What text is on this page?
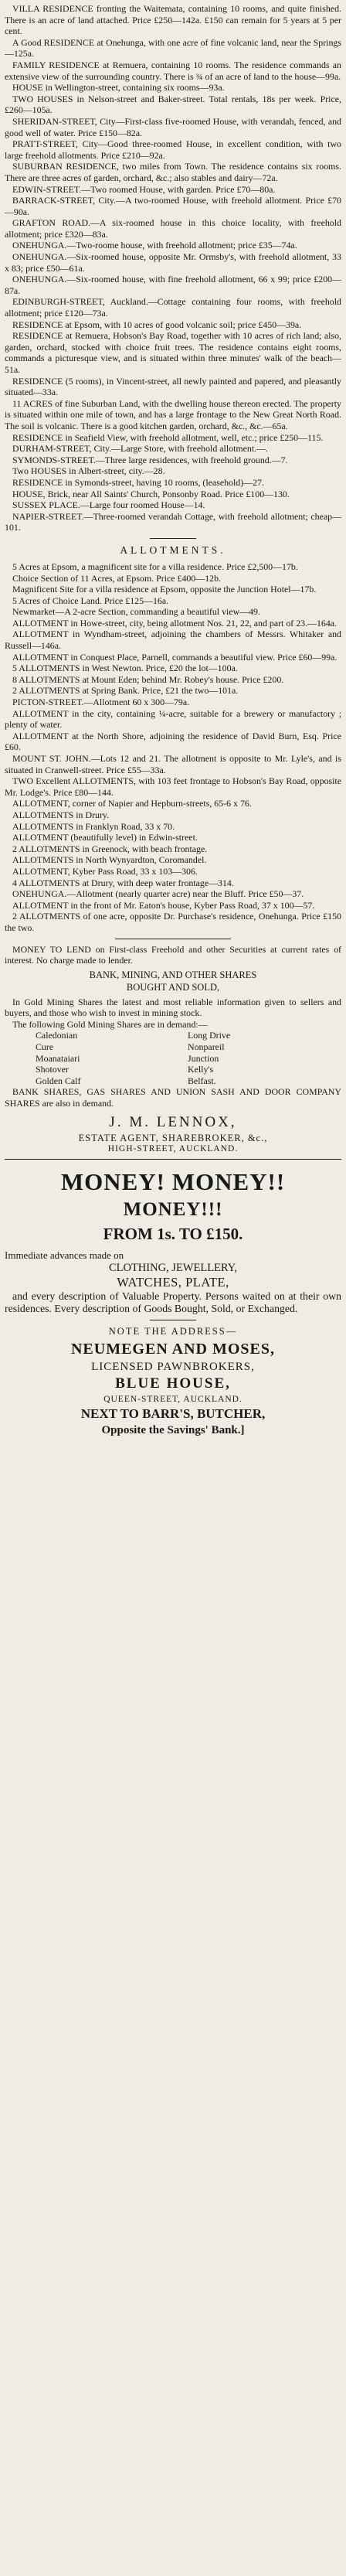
VILLA RESIDENCE fronting the Waitemata, containing 10 rooms, and quite finished. There is an acre of land attached. Price £250—142a. £150 can remain for 5 years at 5 per cent.

A Good RESIDENCE at Onehunga, with one acre of fine volcanic land, near the Springs—125a.

FAMILY RESIDENCE at Remuera, containing 10 rooms. The residence commands an extensive view of the surrounding country. There is ¾ of an acre of land to the house—99a.

HOUSE in Wellington-street, containing six rooms—93a.

TWO HOUSES in Nelson-street and Baker-street. Total rentals, 18s per week. Price, £260—105a.

SHERIDAN-STREET, City—First-class five-roomed House, with verandah, fenced, and good well of water. Price £150—82a.

PRATT-STREET, City—Good three-roomed House, in excellent condition, with two large freehold allotments. Price £210—92a.

SUBURBAN RESIDENCE, two miles from Town. The residence contains six rooms. There are three acres of garden, orchard, &c.; also stables and dairy—72a.

EDWIN-STREET.—Two roomed House, with garden. Price £70—80a.

BARRACK-STREET, City.—A two-roomed House, with freehold allotment. Price £70—90a.

GRAFTON ROAD.—A six-roomed house in this choice locality, with freehold allotment; price £320—83a.

ONEHUNGA.—Two-roome house, with freehold allotment; price £35—74a.

ONEHUNGA.—Six-roomed house, opposite Mr. Ormsby's, with freehold allotment, 33 x 83; price £50—61a.

ONEHUNGA.—Six-roomed house, with fine freehold allotment, 66 x 99; price £200—87a.

EDINBURGH-STREET, Auckland.—Cottage containing four rooms, with freehold allotment; price £120—73a.

RESIDENCE at Epsom, with 10 acres of good volcanic soil; price £450—39a.

RESIDENCE at Remuera, Hobson's Bay Road, together with 10 acres of rich land; also, garden, orchard, stocked with choice fruit trees. The residence contains eight rooms, commands a picturesque view, and is situated within three minutes' walk of the beach—51a.

RESIDENCE (5 rooms), in Vincent-street, all newly painted and papered, and pleasantly situated—33a.

11 ACRES of fine Suburban Land, with the dwelling house thereon erected. The property is situated within one mile of town, and has a large frontage to the New Great North Road. The soil is volcanic. There is a good kitchen garden, orchard, &c., &c.—65a.

RESIDENCE in Seafield View, with freehold allotment, well, etc.; price £250—115.

DURHAM-STREET, City.—Large Store, with freehold allotment.—.

SYMONDS-STREET.—Three large residences, with freehold ground.—7.

Two HOUSES in Albert-street, city.—28.

RESIDENCE in Symonds-street, having 10 rooms, (leasehold)—27.

HOUSE, Brick, near All Saints' Church, Ponsonby Road. Price £100—130.

SUSSEX PLACE.—Large four roomed House—14.

NAPIER-STREET.—Three-roomed verandah Cottage, with freehold allotment; cheap—101.

ALLOTMENTS.

5 Acres at Epsom, a magnificent site for a villa residence. Price £2,500—17b.

Choice Section of 11 Acres, at Epsom. Price £400—12b.

Magnificent Site for a villa residence at Epsom, opposite the Junction Hotel—17b.

5 Acres of Choice Land. Price £125—16a.

Newmarket—A 2-acre Section, commanding a beautiful view—49.

ALLOTMENT in Howe-street, city, being allotment Nos. 21, 22, and part of 23.—164a.

ALLOTMENT in Wyndham-street, adjoining the chambers of Messrs. Whitaker and Russell—146a.

ALLOTMENT in Conquest Place, Parnell, commands a beautiful view. Price £60—99a.

5 ALLOTMENTS in West Newton. Price, £20 the lot—100a.

8 ALLOTMENTS at Mount Eden; behind Mr. Robey's house. Price £200.

2 ALLOTMENTS at Spring Bank. Price, £21 the two—101a.

PICTON-STREET.—Allotment 60 x 300—79a.

ALLOTMENT in the city, containing ¼-acre, suitable for a brewery or manufactory ; plenty of water.

ALLOTMENT at the North Shore, adjoining the residence of David Burn, Esq. Price £60.

MOUNT ST. JOHN.—Lots 12 and 21. The allotment is opposite to Mr. Lyle's, and is situated in Cranwell-street. Price £55—33a.

TWO Excellent ALLOTMENTS, with 103 feet frontage to Hobson's Bay Road, opposite Mr. Lodge's. Price £80—144.

ALLOTMENT, corner of Napier and Hepburn-streets, 65-6 x 76.

ALLOTMENTS in Drury.

ALLOTMENTS in Franklyn Road, 33 x 70.

ALLOTMENT (beautifully level) in Edwin-street.

2 ALLOTMENTS in Greenock, with beach frontage.

ALLOTMENTS in North Wynyardton, Coromandel.

ALLOTMENT, Kyber Pass Road, 33 x 103—306.

4 ALLOTMENTS at Drury, with deep water frontage—314.

ONEHUNGA.—Allotment (nearly quarter acre) near the Bluff. Price £50—37.

ALLOTMENT in the front of Mr. Eaton's house, Kyber Pass Road, 37 x 100—57.

2 ALLOTMENTS of one acre, opposite Dr. Purchase's residence, Onehunga. Price £150 the two.

MONEY TO LEND on First-class Freehold and other Securities at current rates of interest. No charge made to lender.

BANK, MINING, AND OTHER SHARES
BOUGHT AND SOLD,

In Gold Mining Shares the latest and most reliable information given to sellers and buyers, and those who wish to invest in mining stock.

The following Gold Mining Shares are in demand:—

Caledonian	Long Drive
Cure	Nonpareil
Moanataiari	Junction
Shotover	Kelly's
Golden Calf	Belfast.

BANK SHARES, GAS SHARES AND UNION SASH AND DOOR COMPANY SHARES are also in demand.

J. M. LENNOX,
ESTATE AGENT, SHAREBROKER, &c.,
HIGH-STREET, AUCKLAND.
MONEY! MONEY!!
MONEY!!!
FROM 1s. TO £150.

Immediate advances made on

CLOTHING, JEWELLERY,
WATCHES, PLATE,

and every description of Valuable Property. Persons waited on at their own residences. Every description of Goods Bought, Sold, or Exchanged.

NOTE THE ADDRESS—
NEUMEGEN AND MOSES,
LICENSED PAWNBROKERS,
BLUE HOUSE,
QUEEN-STREET, AUCKLAND.
NEXT TO BARR'S, BUTCHER,
Opposite the Savings' Bank.]
